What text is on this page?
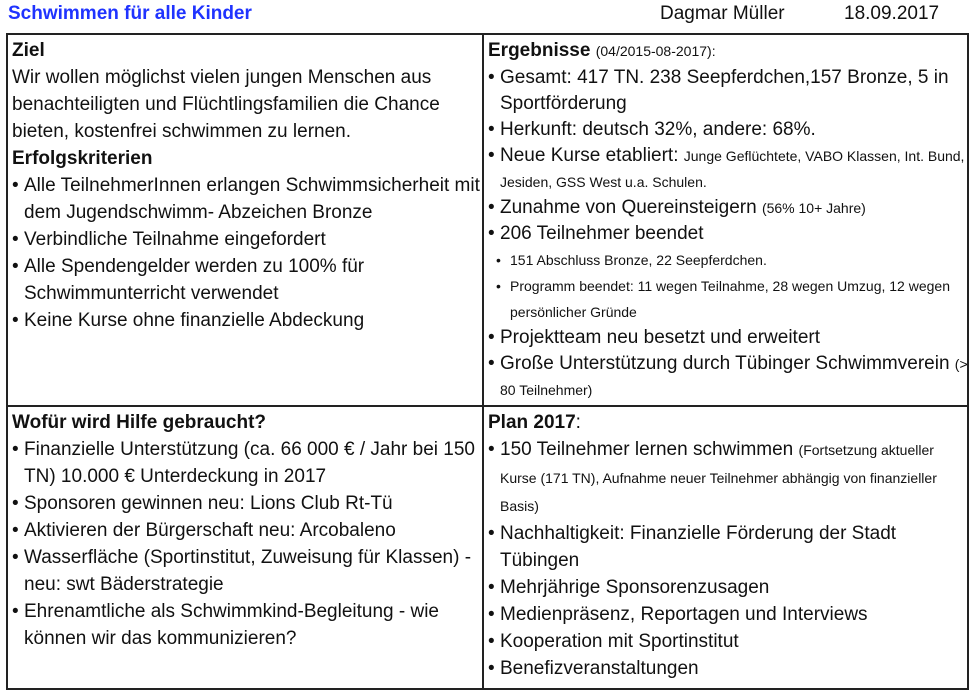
Schwimmen für alle Kinder	Dagmar Müller	18.09.2017
Ziel
Wir wollen möglichst vielen jungen Menschen aus benachteiligten und Flüchtlingsfamilien die Chance bieten, kostenfrei schwimmen zu lernen.
Erfolgskriterien
• Alle TeilnehmerInnen erlangen Schwimmsicherheit mit dem Jugendschwimm- Abzeichen Bronze
• Verbindliche Teilnahme eingefordert
• Alle Spendengelder werden zu 100% für Schwimmunterricht verwendet
• Keine Kurse ohne finanzielle Abdeckung
Ergebnisse (04/2015-08-2017):
• Gesamt: 417 TN. 238 Seepferdchen,157 Bronze, 5 in Sportförderung
• Herkunft: deutsch 32%, andere: 68%.
• Neue Kurse etabliert: Junge Geflüchtete, VABO Klassen, Int. Bund, Jesiden, GSS West u.a. Schulen.
• Zunahme von Quereinsteigern (56% 10+ Jahre)
• 206 Teilnehmer beendet
• 151 Abschluss Bronze, 22 Seepferdchen.
• Programm beendet: 11 wegen Teilnahme, 28 wegen Umzug, 12 wegen persönlicher Gründe
• Projektteam neu besetzt und erweitert
• Große Unterstützung durch Tübinger Schwimmverein (> 80 Teilnehmer)
Wofür wird Hilfe gebraucht?
• Finanzielle Unterstützung (ca. 66 000 € / Jahr bei 150 TN) 10.000 € Unterdeckung in 2017
• Sponsoren gewinnen neu: Lions Club Rt-Tü
• Aktivieren der Bürgerschaft neu: Arcobaleno
• Wasserfläche (Sportinstitut, Zuweisung für Klassen) - neu: swt Bäderstrategie
• Ehrenamtliche als Schwimmkind-Begleitung - wie können wir das kommunizieren?
Plan 2017:
• 150 Teilnehmer lernen schwimmen (Fortsetzung aktueller Kurse (171 TN), Aufnahme neuer Teilnehmer abhängig von finanzieller Basis)
• Nachhaltigkeit: Finanzielle Förderung der Stadt Tübingen
• Mehrjährige Sponsorenzusagen
• Medienpräsenz, Reportagen und Interviews
• Kooperation mit Sportinstitut
• Benefizveranstaltungen
